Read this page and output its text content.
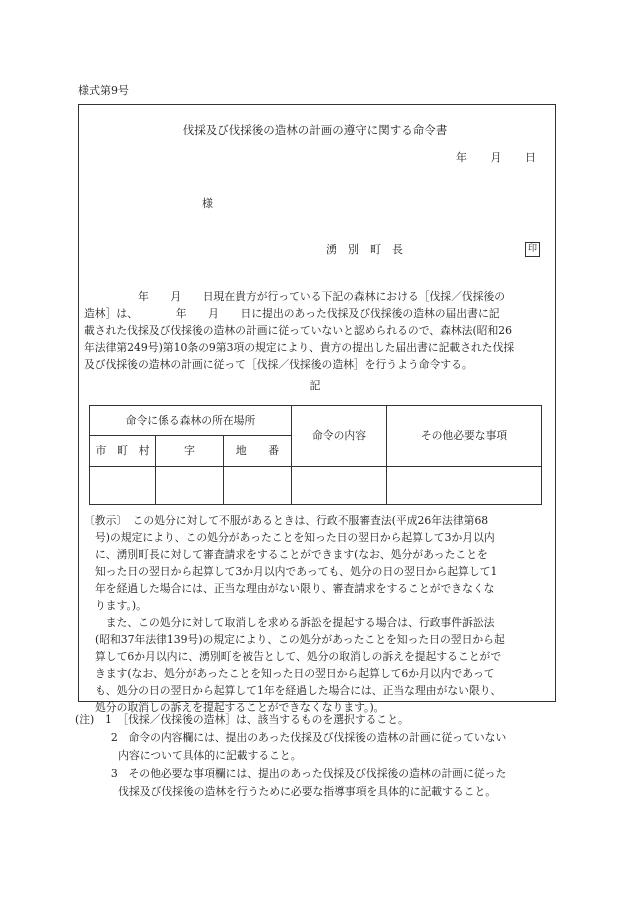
様式第9号
伐採及び伐採後の造林の計画の遵守に関する命令書
年 月 日
様
湧　別　町　長	印
　　　　　年　　月　　日現在貴方が行っている下記の森林における［伐採／伐採後の
造林］は、　　　　年　　月　　日に提出のあった伐採及び伐採後の造林の届出書に記
載された伐採及び伐採後の造林の計画に従っていないと認められるので、森林法(昭和26
年法律第249号)第10条の9第3項の規定により、貴方の提出した届出書に記載された伐採
及び伐採後の造林の計画に従って［伐採／伐採後の造林］を行うよう命令する。
記
命令に係る森林の所在場所			命令の内容	その他必要な事項
市　町　村	字	地　　番		

〔教示〕　この処分に対して不服があるときは、行政不服審査法(平成26年法律第68
号)の規定により、この処分があったことを知った日の翌日から起算して3か月以内
に、湧別町長に対して審査請求をすることができます(なお、処分があったことを
知った日の翌日から起算して3か月以内であっても、処分の日の翌日から起算して1
年を経過した場合には、正当な理由がない限り、審査請求をすることができなくな
ります。)。
　また、この処分に対して取消しを求める訴訟を提起する場合は、行政事件訴訟法
(昭和37年法律139号)の規定により、この処分があったことを知った日の翌日から起
算して6か月以内に、湧別町を被告として、処分の取消しの訴えを提起することがで
きます(なお、処分があったことを知った日の翌日から起算して6か月以内であって
も、処分の日の翌日から起算して1年を経過した場合には、正当な理由がない限り、
処分の取消しの訴えを提起することができなくなります。)。
(注)　1　［伐採／伐採後の造林］は、該当するものを選択すること。
　　　 2　命令の内容欄には、提出のあった伐採及び伐採後の造林の計画に従っていない
　　　　内容について具体的に記載すること。
　　　 3　その他必要な事項欄には、提出のあった伐採及び伐採後の造林の計画に従った
　　　　伐採及び伐採後の造林を行うために必要な指導事項を具体的に記載すること。
